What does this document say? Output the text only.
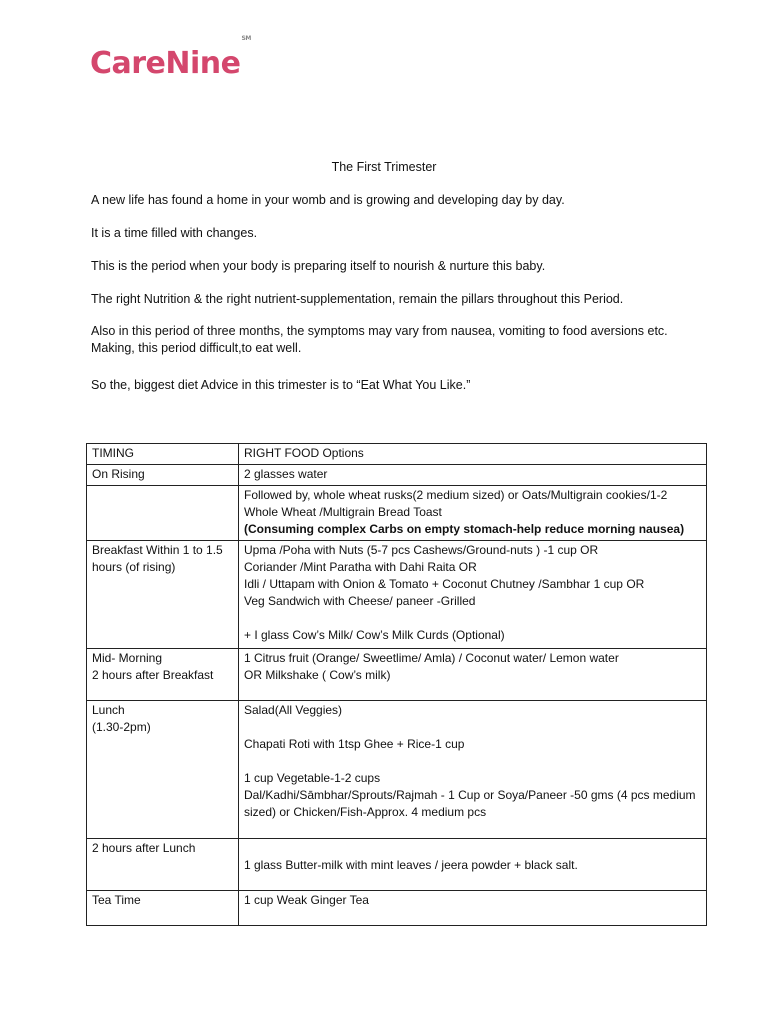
CareNine℠
The First Trimester
A new life has found a home in your womb and is growing and developing day by day.
It is a time filled with changes.
This is the period when your body is preparing itself to nourish & nurture this baby.
The right Nutrition & the right nutrient-supplementation, remain the pillars throughout this Period.
Also in this period of three months, the symptoms may vary from nausea, vomiting to food aversions etc. Making, this period difficult,to eat well.
So the, biggest diet Advice in this trimester is to “Eat What You Like.”
TIMING	RIGHT FOOD Options

On Rising	2 glasses water

	Followed by, whole wheat rusks(2 medium sized) or Oats/Multigrain cookies/1-2 Whole Wheat /Multigrain Bread Toast
(Consuming complex Carbs on empty stomach-help reduce morning nausea)

Breakfast Within 1 to 1.5 hours (of rising)	Upma /Poha with Nuts (5-7 pcs Cashews/Ground-nuts ) -1 cup OR
Coriander /Mint Paratha with Dahi Raita OR
Idli / Uttapam with Onion & Tomato + Coconut Chutney /Sambhar 1 cup OR
Veg Sandwich with Cheese/ paneer -Grilled
+ I glass Cow’s Milk/ Cow’s Milk Curds (Optional)

Mid- Morning
2 hours after Breakfast	1 Citrus fruit (Orange/ Sweetlime/ Amla) / Coconut water/ Lemon water
OR Milkshake ( Cow’s milk)

Lunch
(1.30-2pm)	Salad(All Veggies)
Chapati Roti with 1tsp Ghee + Rice-1 cup
1 cup Vegetable-1-2 cups
Dal/Kadhi/Sāmbhar/Sprouts/Rajmah - 1 Cup or Soya/Paneer -50 gms (4 pcs medium sized) or Chicken/Fish-Approx. 4 medium pcs

2 hours after Lunch	1 glass Butter-milk with mint leaves / jeera powder + black salt.

Tea Time	1 cup Weak Ginger Tea
